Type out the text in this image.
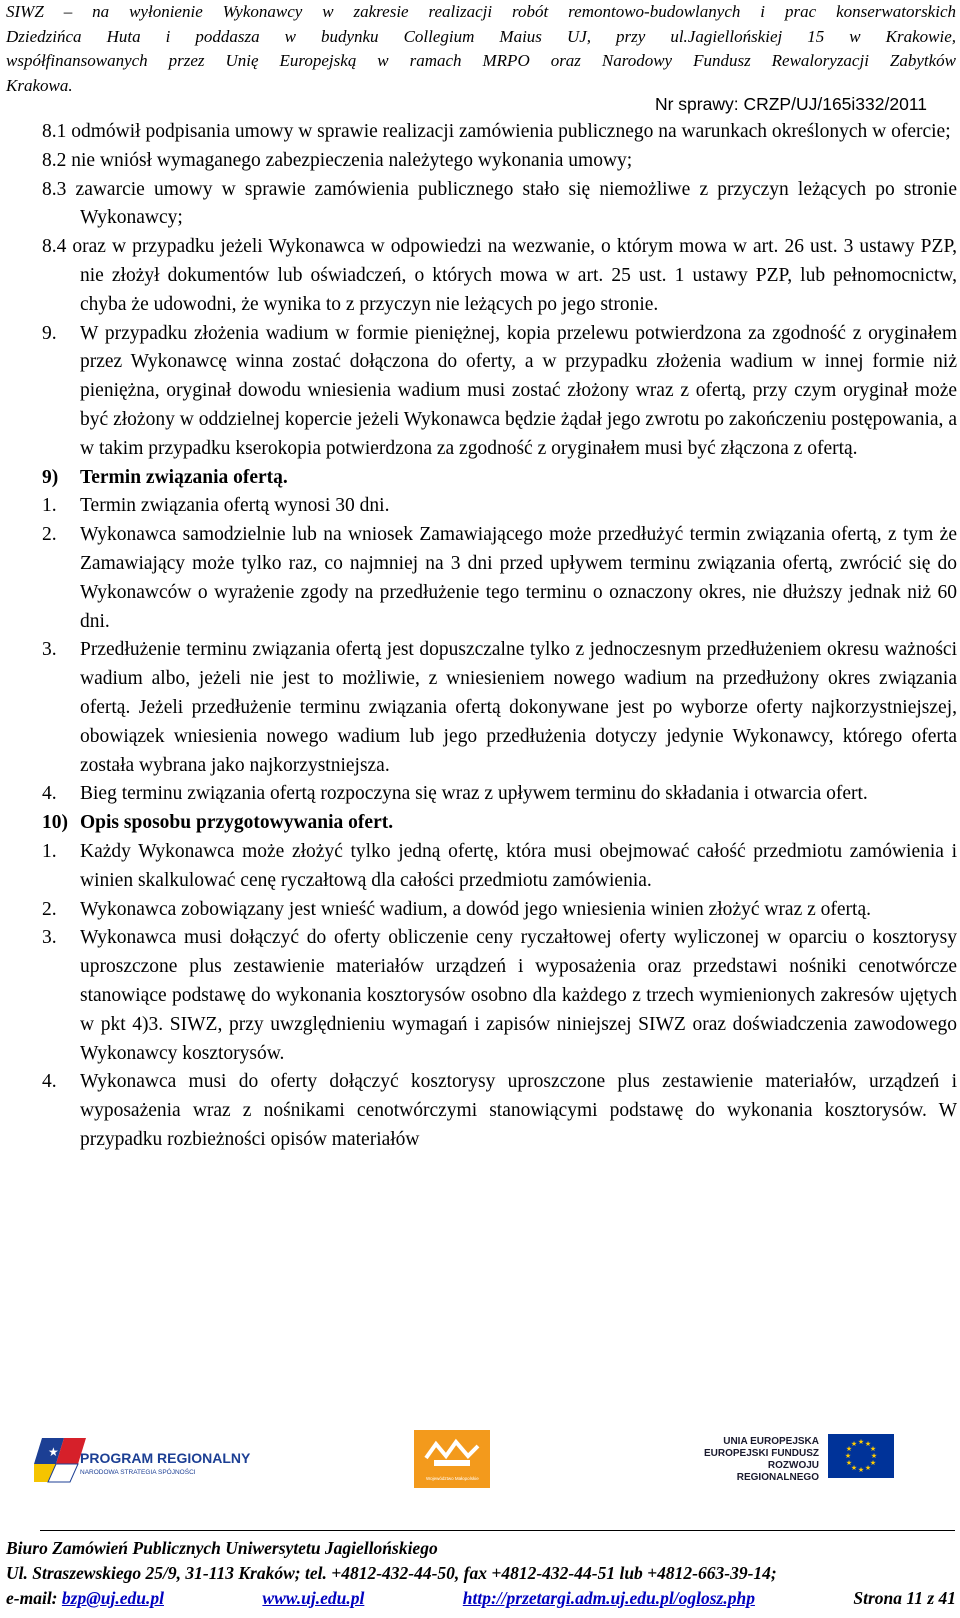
SIWZ – na wyłonienie Wykonawcy w zakresie realizacji robót remontowo-budowlanych i prac konserwatorskich
Dziedzińca Huta i poddasza w budynku Collegium Maius UJ, przy ul.Jagiellońskiej 15 w Krakowie,
współfinansowanych przez Unię Europejską w ramach MRPO oraz Narodowy Fundusz Rewaloryzacji Zabytków
Krakowa.
Nr sprawy: CRZP/UJ/165i332/2011
8.1 odmówił podpisania umowy w sprawie realizacji zamówienia publicznego na warunkach określonych w ofercie;
8.2 nie wniósł wymaganego zabezpieczenia należytego wykonania umowy;
8.3 zawarcie umowy w sprawie zamówienia publicznego stało się niemożliwe z przyczyn leżących po stronie Wykonawcy;
8.4 oraz w przypadku jeżeli Wykonawca w odpowiedzi na wezwanie, o którym mowa w art. 26 ust. 3 ustawy PZP, nie złożył dokumentów lub oświadczeń, o których mowa w art. 25 ust. 1 ustawy PZP, lub pełnomocnictw, chyba że udowodni, że wynika to z przyczyn nie leżących po jego stronie.
9. W przypadku złożenia wadium w formie pieniężnej, kopia przelewu potwierdzona za zgodność z oryginałem przez Wykonawcę winna zostać dołączona do oferty, a w przypadku złożenia wadium w innej formie niż pieniężna, oryginał dowodu wniesienia wadium musi zostać złożony wraz z ofertą, przy czym oryginał może być złożony w oddzielnej kopercie jeżeli Wykonawca będzie żądał jego zwrotu po zakończeniu postępowania, a w takim przypadku kserokopia potwierdzona za zgodność z oryginałem musi być złączona z ofertą.
9) Termin związania ofertą.
1. Termin związania ofertą wynosi 30 dni.
2. Wykonawca samodzielnie lub na wniosek Zamawiającego może przedłużyć termin związania ofertą, z tym że Zamawiający może tylko raz, co najmniej na 3 dni przed upływem terminu związania ofertą, zwrócić się do Wykonawców o wyrażenie zgody na przedłużenie tego terminu o oznaczony okres, nie dłuższy jednak niż 60 dni.
3. Przedłużenie terminu związania ofertą jest dopuszczalne tylko z jednoczesnym przedłużeniem okresu ważności wadium albo, jeżeli nie jest to możliwie, z wniesieniem nowego wadium na przedłużony okres związania ofertą. Jeżeli przedłużenie terminu związania ofertą dokonywane jest po wyborze oferty najkorzystniejszej, obowiązek wniesienia nowego wadium lub jego przedłużenia dotyczy jedynie Wykonawcy, którego oferta została wybrana jako najkorzystniejsza.
4. Bieg terminu związania ofertą rozpoczyna się wraz z upływem terminu do składania i otwarcia ofert.
10) Opis sposobu przygotowywania ofert.
1. Każdy Wykonawca może złożyć tylko jedną ofertę, która musi obejmować całość przedmiotu zamówienia i winien skalkulować cenę ryczałtową dla całości przedmiotu zamówienia.
2. Wykonawca zobowiązany jest wnieść wadium, a dowód jego wniesienia winien złożyć wraz z ofertą.
3. Wykonawca musi dołączyć do oferty obliczenie ceny ryczałtowej oferty wyliczonej w oparciu o kosztorysy uproszczone plus zestawienie materiałów urządzeń i wyposażenia oraz przedstawi nośniki cenotwórcze stanowiące podstawę do wykonania kosztorysów osobno dla każdego z trzech wymienionych zakresów ujętych w pkt 4)3. SIWZ, przy uwzględnieniu wymagań i zapisów niniejszej SIWZ oraz doświadczenia zawodowego Wykonawcy kosztorysów.
4. Wykonawca musi do oferty dołączyć kosztorysy uproszczone plus zestawienie materiałów, urządzeń i wyposażenia wraz z nośnikami cenotwórczymi stanowiącymi podstawę do wykonania kosztorysów. W przypadku rozbieżności opisów materiałów
★ PROGRAM REGIONALNY
NARODOWA STRATEGIA SPÓJNOŚCI
Województwo Małopolskie
UNIA EUROPEJSKA
EUROPEJSKI FUNDUSZ
ROZWOJU REGIONALNEGO
★ ★
★
★
★
★
★
★
★
★
★
★
Biuro Zamówień Publicznych Uniwersytetu Jagiellońskiego
Ul. Straszewskiego 25/9, 31-113 Kraków; tel. +4812-432-44-50, fax +4812-432-44-51 lub +4812-663-39-14;
e-mail: bzp@uj.edu.pl	www.uj.edu.pl	http://przetargi.adm.uj.edu.pl/oglosz.php	Strona 11 z 41
